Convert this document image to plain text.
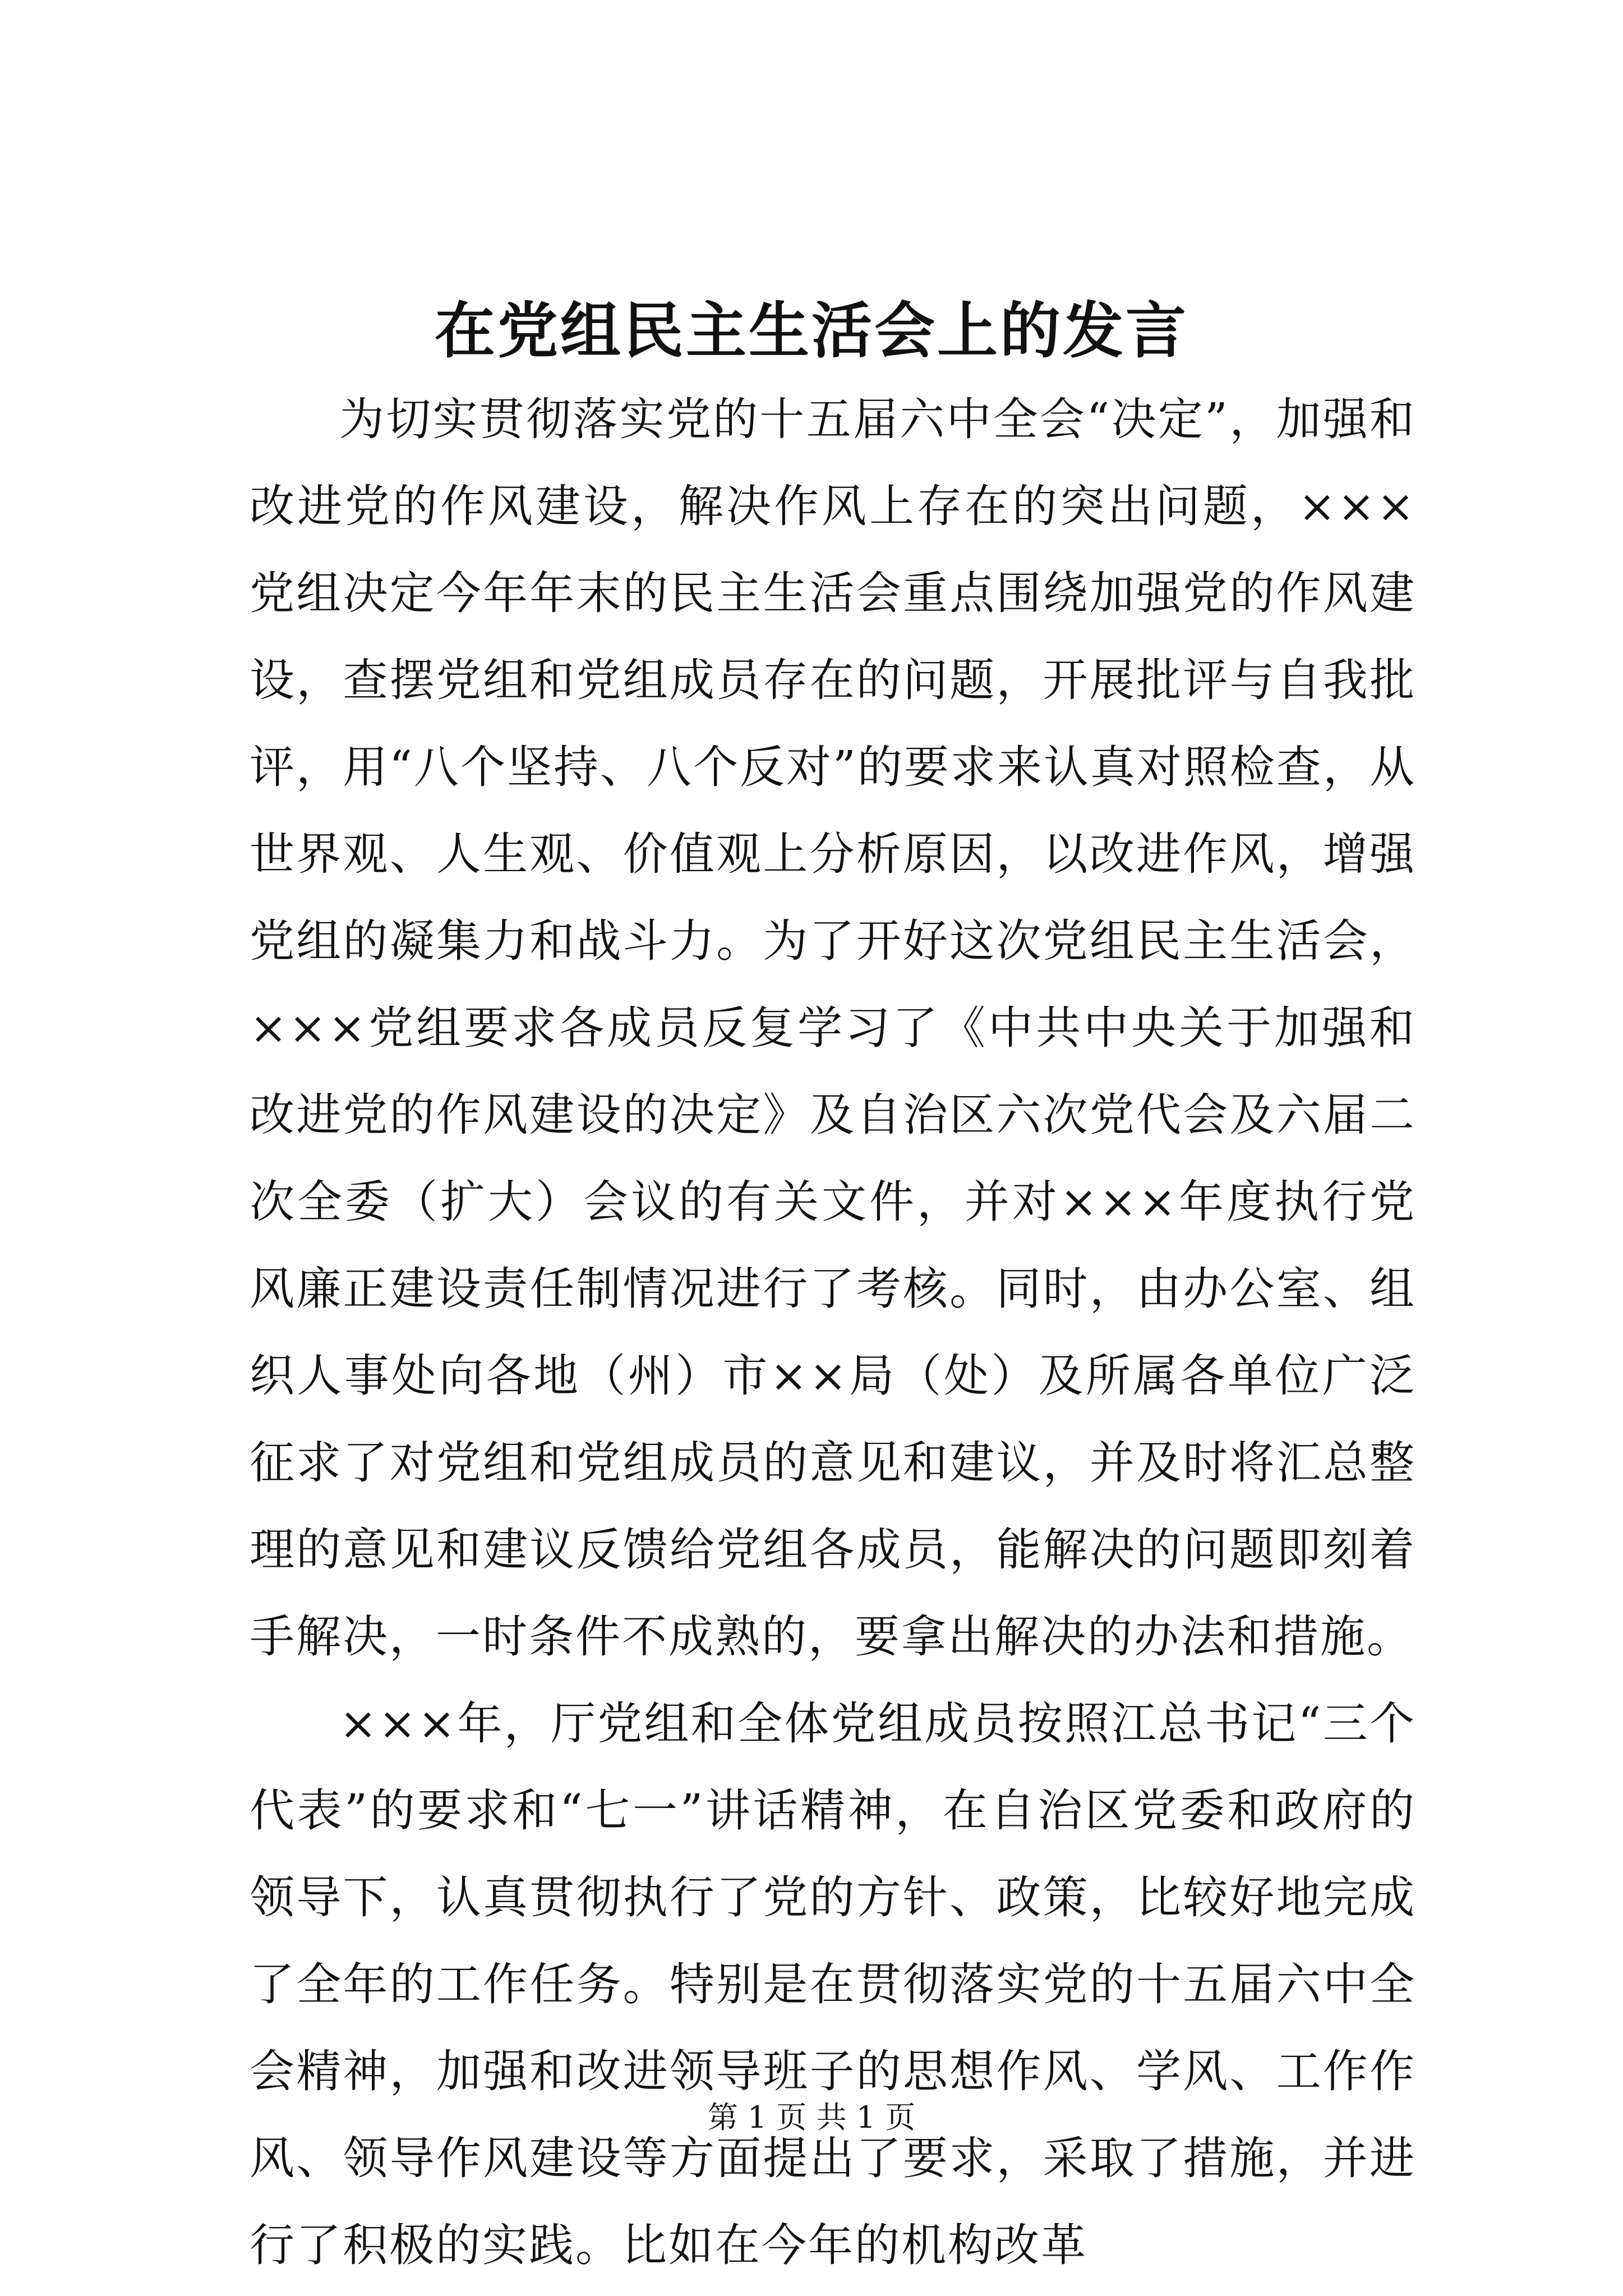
在党组民主生活会上的发言

为切实贯彻落实党的十五届六中全会“决定”，加强和改进党的作风建设，解决作风上存在的突出问题，×××党组决定今年年末的民主生活会重点围绕加强党的作风建设，查摆党组和党组成员存在的问题，开展批评与自我批评，用“八个坚持、八个反对”的要求来认真对照检查，从世界观、人生观、价值观上分析原因，以改进作风，增强党组的凝集力和战斗力。为了开好这次党组民主生活会，×××党组要求各成员反复学习了《中共中央关于加强和改进党的作风建设的决定》及自治区六次党代会及六届二次全委（扩大）会议的有关文件，并对×××年度执行党风廉正建设责任制情况进行了考核。同时，由办公室、组织人事处向各地（州）市××局（处）及所属各单位广泛征求了对党组和党组成员的意见和建议，并及时将汇总整理的意见和建议反馈给党组各成员，能解决的问题即刻着手解决，一时条件不成熟的，要拿出解决的办法和措施。

×××年，厅党组和全体党组成员按照江总书记“三个代表”的要求和“七一”讲话精神，在自治区党委和政府的领导下，认真贯彻执行了党的方针、政策，比较好地完成了全年的工作任务。特别是在贯彻落实党的十五届六中全会精神，加强和改进领导班子的思想作风、学风、工作作风、领导作风建设等方面提出了要求，采取了措施，并进行了积极的实践。比如在今年的机构改革

第 1 页 共 1 页
